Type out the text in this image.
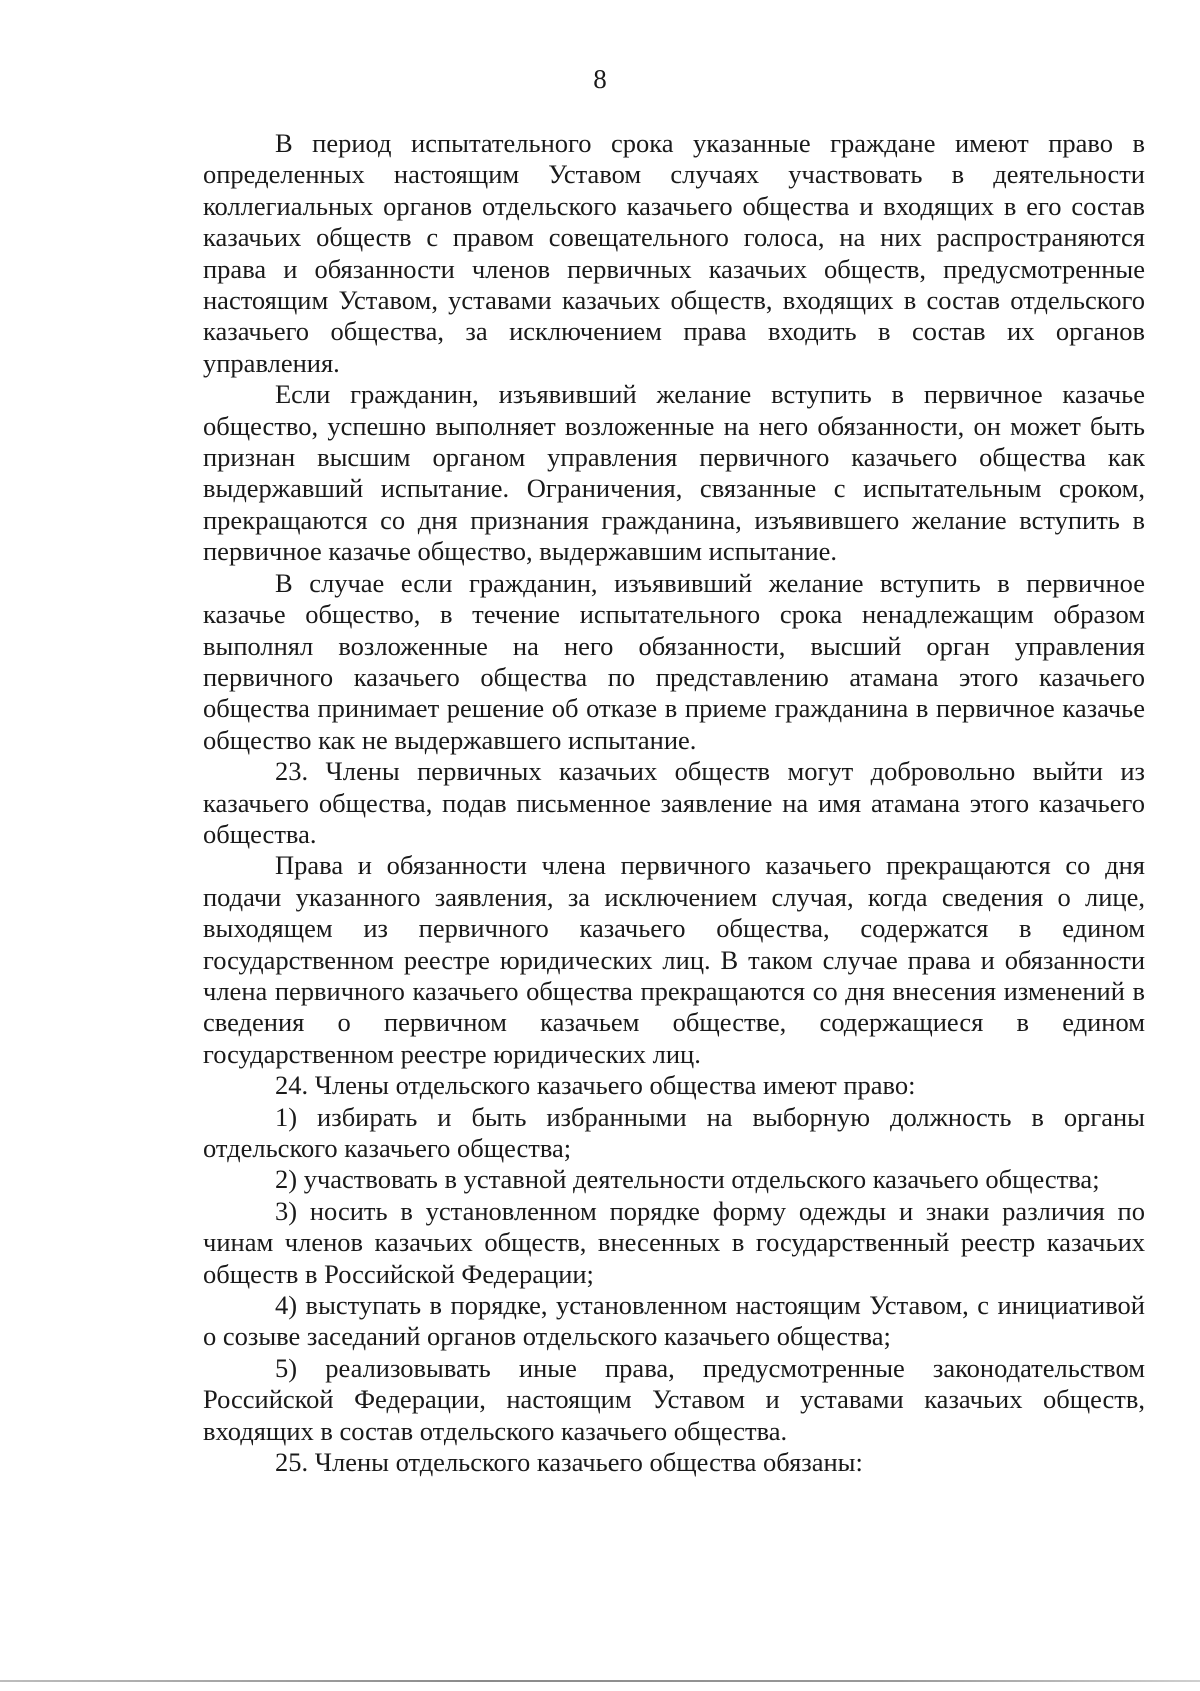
8

В период испытательного срока указанные граждане имеют право в определенных настоящим Уставом случаях участвовать в деятельности коллегиальных органов отдельского казачьего общества и входящих в его состав казачьих обществ с правом совещательного голоса, на них распространяются права и обязанности членов первичных казачьих обществ, предусмотренные настоящим Уставом, уставами казачьих обществ, входящих в состав отдельского казачьего общества, за исключением права входить в состав их органов управления.

Если гражданин, изъявивший желание вступить в первичное казачье общество, успешно выполняет возложенные на него обязанности, он может быть признан высшим органом управления первичного казачьего общества как выдержавший испытание. Ограничения, связанные с испытательным сроком, прекращаются со дня признания гражданина, изъявившего желание вступить в первичное казачье общество, выдержавшим испытание.

В случае если гражданин, изъявивший желание вступить в первичное казачье общество, в течение испытательного срока ненадлежащим образом выполнял возложенные на него обязанности, высший орган управления первичного казачьего общества по представлению атамана этого казачьего общества принимает решение об отказе в приеме гражданина в первичное казачье общество как не выдержавшего испытание.

23. Члены первичных казачьих обществ могут добровольно выйти из казачьего общества, подав письменное заявление на имя атамана этого казачьего общества.

Права и обязанности члена первичного казачьего прекращаются со дня подачи указанного заявления, за исключением случая, когда сведения о лице, выходящем из первичного казачьего общества, содержатся в едином государственном реестре юридических лиц. В таком случае права и обязанности члена первичного казачьего общества прекращаются со дня внесения изменений в сведения о первичном казачьем обществе, содержащиеся в едином государственном реестре юридических лиц.

24. Члены отдельского казачьего общества имеют право:

1) избирать и быть избранными на выборную должность в органы отдельского казачьего общества;

2) участвовать в уставной деятельности отдельского казачьего общества;

3) носить в установленном порядке форму одежды и знаки различия по чинам членов казачьих обществ, внесенных в государственный реестр казачьих обществ в Российской Федерации;

4) выступать в порядке, установленном настоящим Уставом, с инициативой о созыве заседаний органов отдельского казачьего общества;

5) реализовывать иные права, предусмотренные законодательством Российской Федерации, настоящим Уставом и уставами казачьих обществ, входящих в состав отдельского казачьего общества.

25. Члены отдельского казачьего общества обязаны:
